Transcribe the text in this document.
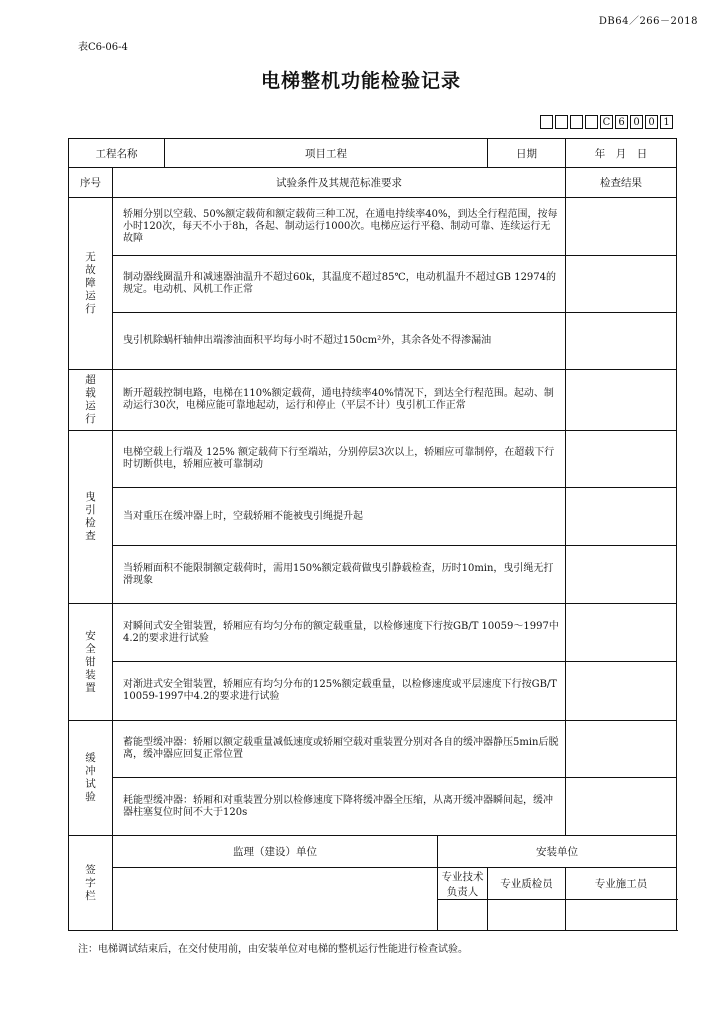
DB64／266－2018
表C6-06-4
电梯整机功能检验记录
C 6 0 0 1
工程名称		项目工程		日期	年　月　日
序号	试验条件及其规范标准要求				检查结果

无故障运行	轿厢分别以空载、50%额定载荷和额定载荷三种工况，在通电持续率40%，到达全行程范围，按每小时120次，每天不小于8h，各起、制动运行1000次。电梯应运行平稳、制动可靠、连续运行无故障				
	制动器线圈温升和减速器油温升不超过60k，其温度不超过85℃，电动机温升不超过GB 12974的规定。电动机、风机工作正常				
	曳引机除蜗杆轴伸出端渗油面积平均每小时不超过150cm²外，其余各处不得渗漏油				

超载运行	断开超载控制电路，电梯在110%额定载荷，通电持续率40%情况下，到达全行程范围。起动、制动运行30次，电梯应能可靠地起动，运行和停止（平层不计）曳引机工作正常				

曳引检查	电梯空载上行端及 125% 额定载荷下行至端站，分别停层3次以上，轿厢应可靠制停，在超载下行时切断供电，轿厢应被可靠制动				
	当对重压在缓冲器上时，空载轿厢不能被曳引绳提升起				
	当轿厢面积不能限制额定载荷时，需用150%额定载荷做曳引静载检查，历时10min，曳引绳无打滑现象				

安全钳装置	对瞬间式安全钳装置，轿厢应有均匀分布的额定载重量，以检修速度下行按GB/T 10059～1997中4.2的要求进行试验				
	对渐进式安全钳装置，轿厢应有均匀分布的125%额定载重量，以检修速度或平层速度下行按GB/T 10059-1997中4.2的要求进行试验				

缓冲试验	蓄能型缓冲器：轿厢以额定载重量减低速度或轿厢空载对重装置分别对各自的缓冲器静压5min后脱离，缓冲器应回复正常位置				
	耗能型缓冲器：轿厢和对重装置分别以检修速度下降将缓冲器全压缩，从离开缓冲器瞬间起，缓冲器柱塞复位时间不大于120s				

签字栏	监理（建设）单位		安装单位		
			专业技术负责人	专业质检员	专业施工员

注：电梯调试结束后，在交付使用前，由安装单位对电梯的整机运行性能进行检查试验。
